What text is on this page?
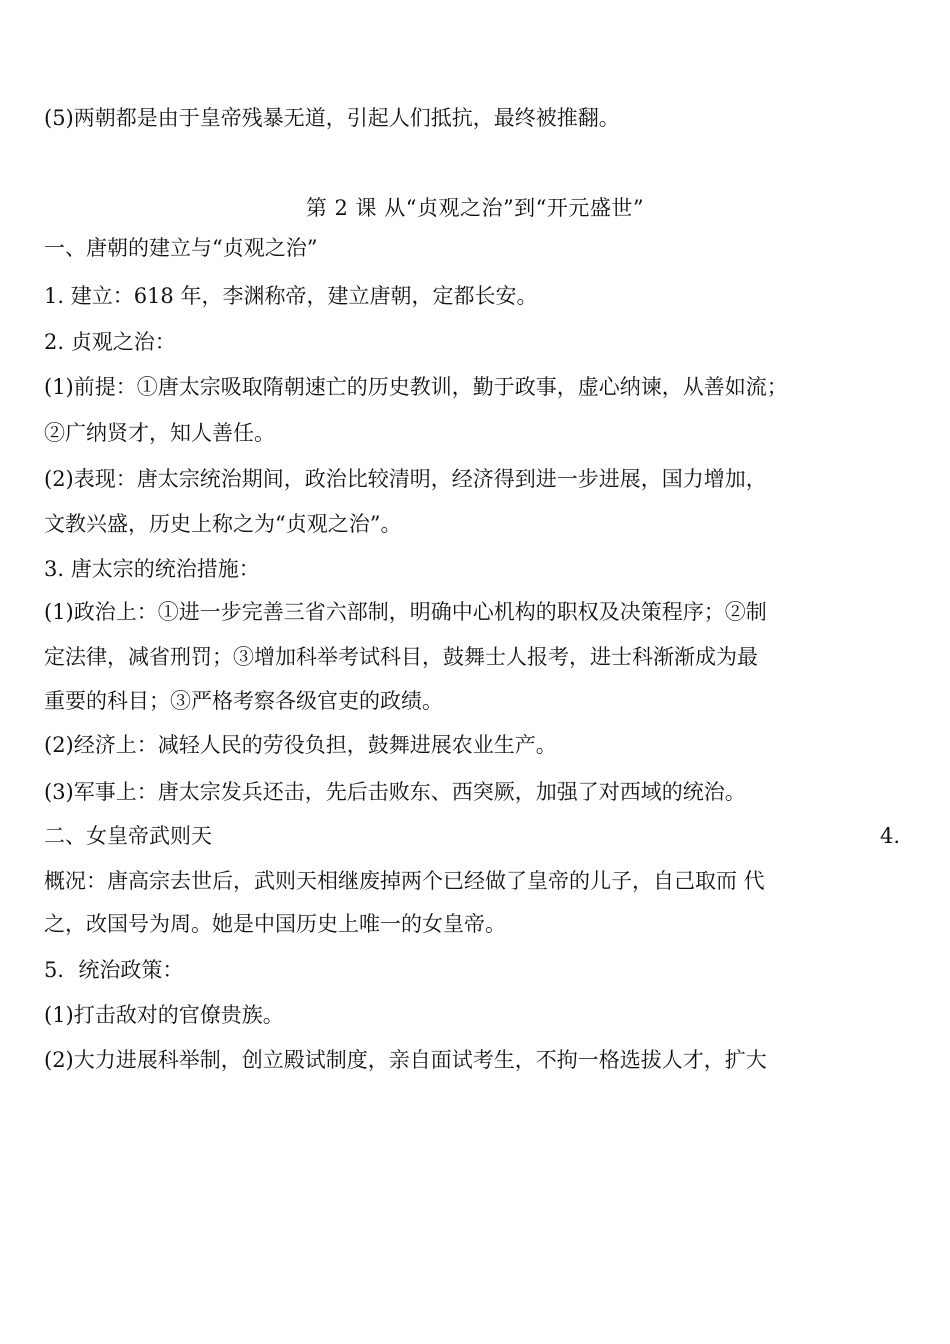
(5)两朝都是由于皇帝残暴无道，引起人们抵抗，最终被推翻。
第 2 课 从“贞观之治”到“开元盛世”
一、唐朝的建立与“贞观之治”
1. 建立：618 年，李渊称帝，建立唐朝，定都长安。
2. 贞观之治：
(1)前提：①唐太宗吸取隋朝速亡的历史教训，勤于政事，虚心纳谏，从善如流；
②广纳贤才，知人善任。
(2)表现：唐太宗统治期间，政治比较清明，经济得到进一步进展，国力增加，
文教兴盛，历史上称之为“贞观之治”。
3. 唐太宗的统治措施：
(1)政治上：①进一步完善三省六部制，明确中心机构的职权及决策程序；②制
定法律，减省刑罚；③增加科举考试科目，鼓舞士人报考，进士科渐渐成为最
重要的科目；③严格考察各级官吏的政绩。
(2)经济上：减轻人民的劳役负担，鼓舞进展农业生产。
(3)军事上：唐太宗发兵还击，先后击败东、西突厥，加强了对西域的统治。
二、女皇帝武则天	4.
概况：唐高宗去世后，武则天相继废掉两个已经做了皇帝的儿子，自己取而 代
之，改国号为周。她是中国历史上唯一的女皇帝。
5．统治政策：
(1)打击敌对的官僚贵族。
(2)大力进展科举制，创立殿试制度，亲自面试考生，不拘一格选拔人才，扩大
